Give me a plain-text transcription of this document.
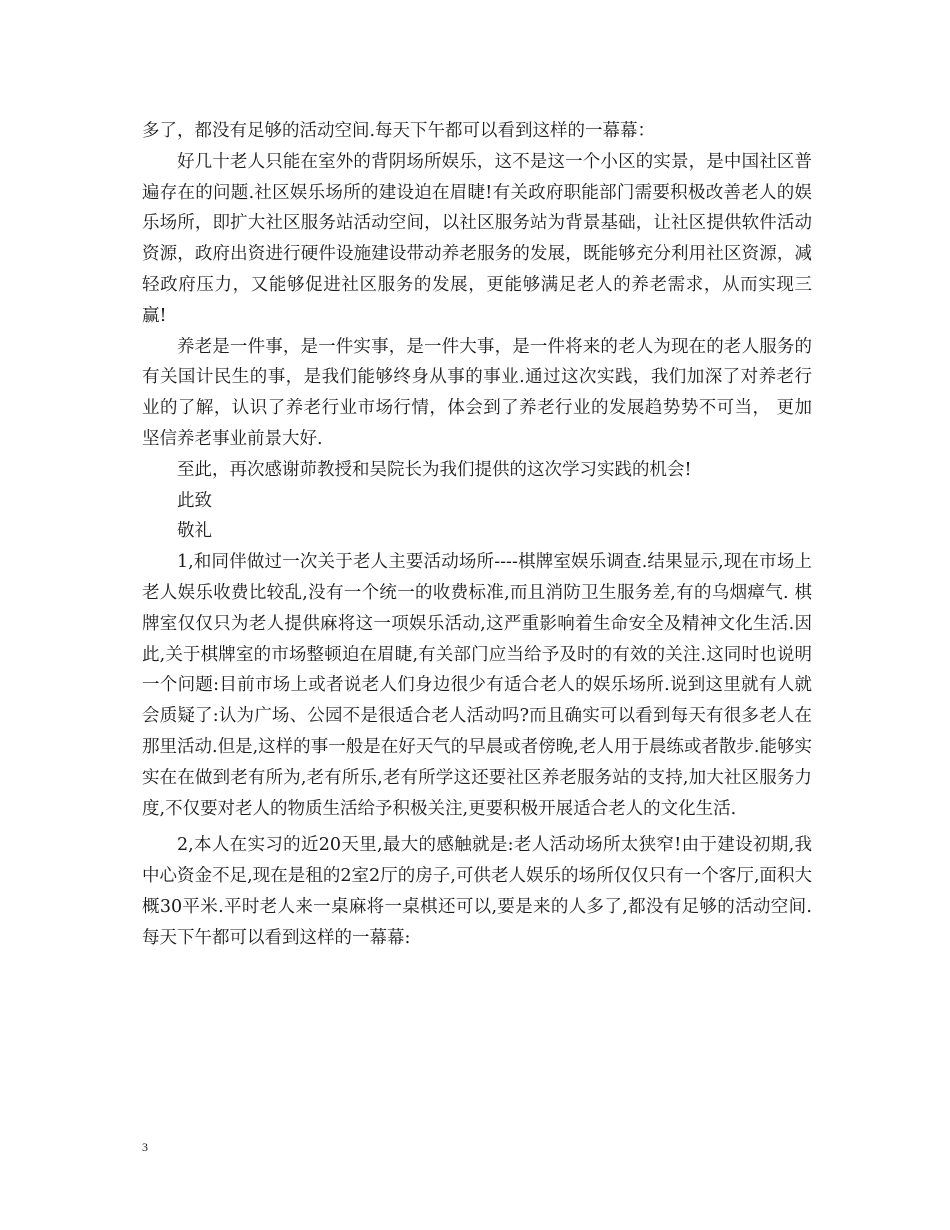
多了，都没有足够的活动空间.每天下午都可以看到这样的一幕幕：

好几十老人只能在室外的背阴场所娱乐，这不是这一个小区的实景，是中国社区普遍存在的问题.社区娱乐场所的建设迫在眉睫!有关政府职能部门需要积极改善老人的娱乐场所，即扩大社区服务站活动空间，以社区服务站为背景基础，让社区提供软件活动资源，政府出资进行硬件设施建设带动养老服务的发展，既能够充分利用社区资源，减轻政府压力，又能够促进社区服务的发展，更能够满足老人的养老需求，从而实现三赢!

养老是一件事，是一件实事，是一件大事，是一件将来的老人为现在的老人服务的有关国计民生的事，是我们能够终身从事的事业.通过这次实践，我们加深了对养老行业的了解，认识了养老行业市场行情，体会到了养老行业的发展趋势势不可当， 更加坚信养老事业前景大好.

至此，再次感谢茆教授和吴院长为我们提供的这次学习实践的机会!

此致

敬礼

1,和同伴做过一次关于老人主要活动场所----棋牌室娱乐调查.结果显示,现在市场上老人娱乐收费比较乱,没有一个统一的收费标准,而且消防卫生服务差,有的乌烟瘴气. 棋牌室仅仅只为老人提供麻将这一项娱乐活动,这严重影响着生命安全及精神文化生活.因此,关于棋牌室的市场整顿迫在眉睫,有关部门应当给予及时的有效的关注.这同时也说明一个问题:目前市场上或者说老人们身边很少有适合老人的娱乐场所.说到这里就有人就会质疑了:认为广场、公园不是很适合老人活动吗?而且确实可以看到每天有很多老人在那里活动.但是,这样的事一般是在好天气的早晨或者傍晚,老人用于晨练或者散步.能够实实在在做到老有所为,老有所乐,老有所学这还要社区养老服务站的支持,加大社区服务力度,不仅要对老人的物质生活给予积极关注,更要积极开展适合老人的文化生活.

2,本人在实习的近20天里,最大的感触就是:老人活动场所太狭窄!由于建设初期,我中心资金不足,现在是租的2室2厅的房子,可供老人娱乐的场所仅仅只有一个客厅,面积大概30平米.平时老人来一桌麻将一桌棋还可以,要是来的人多了,都没有足够的活动空间.每天下午都可以看到这样的一幕幕:

3
